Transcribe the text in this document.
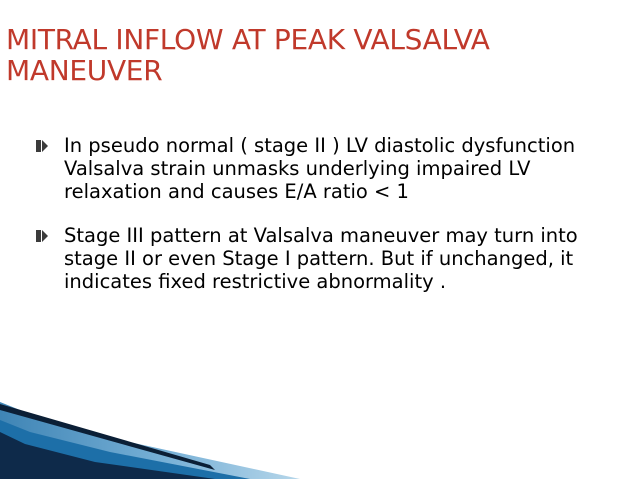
MITRAL INFLOW AT PEAK VALSALVA MANEUVER
In pseudo normal ( stage II ) LV diastolic dysfunction Valsalva strain unmasks underlying impaired LV relaxation and causes E/A ratio < 1
Stage III pattern at Valsalva maneuver may turn into stage II or even Stage I pattern. But if unchanged, it indicates fixed restrictive abnormality .
